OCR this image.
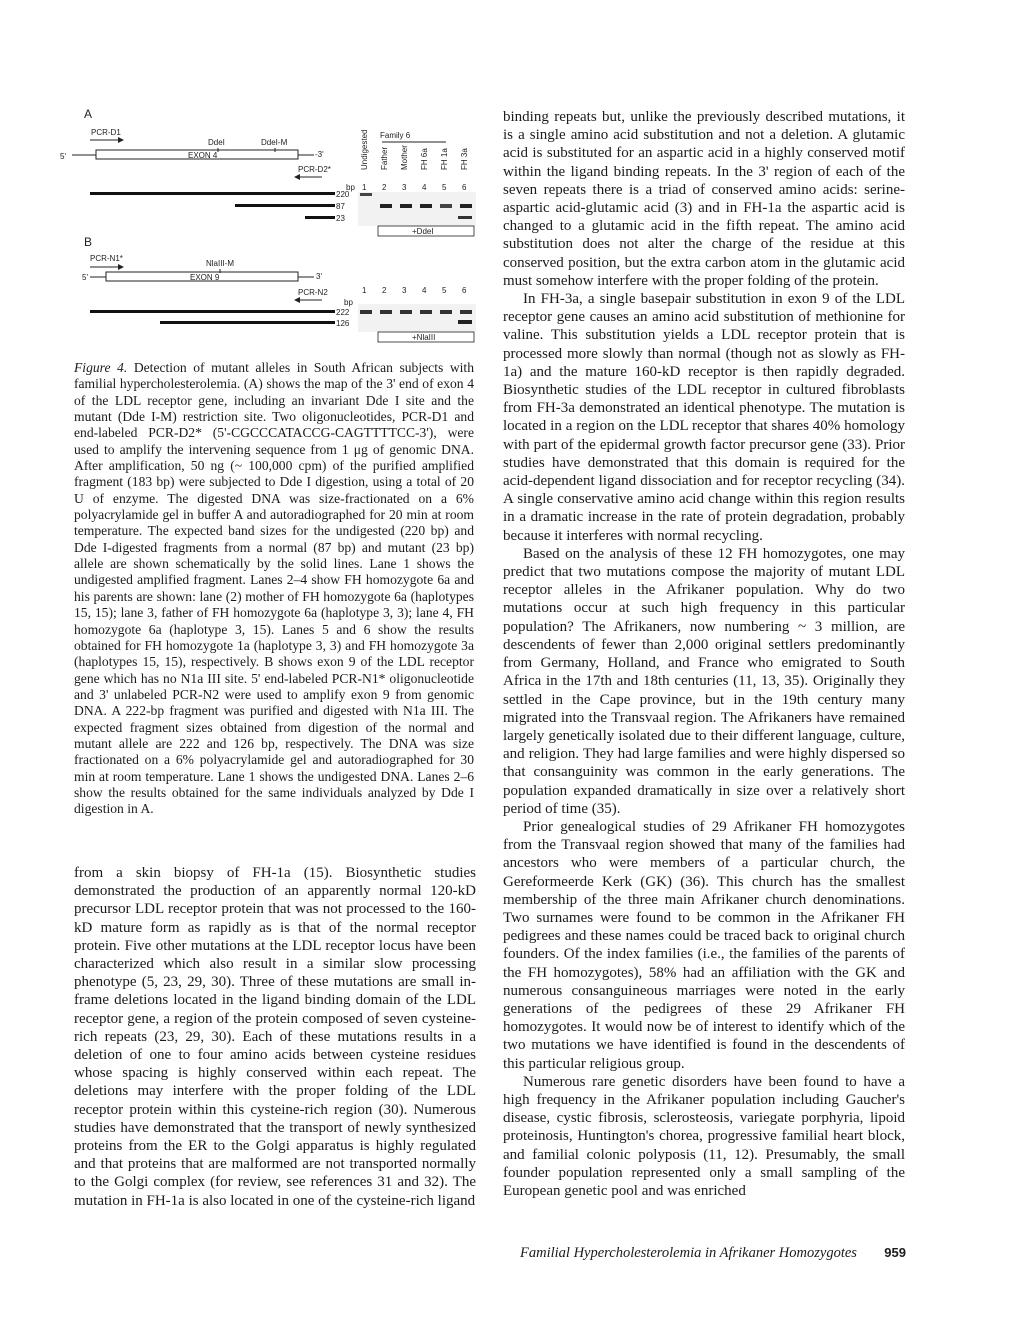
A
PCR-D1
DdeI	DdeI-M
5'	EXON 4	-3'
PCR-D2*	Undigested Family 6
Father Mother FH 6a FH 1a FH 3a
bp 1 2 3 4 5 6
220
87
23
+DdeI
B
PCR-N1*
NlaIII-M
5'	EXON 9	3'
PCR-N2	1 2 3 4 5 6
bp
222
126
+NlaIII
Figure 4. Detection of mutant alleles in South African subjects with familial hypercholesterolemia. (A) shows the map of the 3' end of exon 4 of the LDL receptor gene, including an invariant Dde I site and the mutant (Dde I-M) restriction site. Two oligonucleotides, PCR-D1 and end-labeled PCR-D2* (5'-CGCCCATACCG-CAGTTTTCC-3'), were used to amplify the intervening sequence from 1 μg of genomic DNA. After amplification, 50 ng (~ 100,000 cpm) of the purified amplified fragment (183 bp) were subjected to Dde I digestion, using a total of 20 U of enzyme. The digested DNA was size-fractionated on a 6% polyacrylamide gel in buffer A and autoradiographed for 20 min at room temperature. The expected band sizes for the undigested (220 bp) and Dde I-digested fragments from a normal (87 bp) and mutant (23 bp) allele are shown schematically by the solid lines. Lane 1 shows the undigested amplified fragment. Lanes 2–4 show FH homozygote 6a and his parents are shown: lane (2) mother of FH homozygote 6a (haplotypes 15, 15); lane 3, father of FH homozygote 6a (haplotype 3, 3); lane 4, FH homozygote 6a (haplotype 3, 15). Lanes 5 and 6 show the results obtained for FH homozygote 1a (haplotype 3, 3) and FH homozygote 3a (haplotypes 15, 15), respectively. B shows exon 9 of the LDL receptor gene which has no N1a III site. 5' end-labeled PCR-N1* oligonucleotide and 3' unlabeled PCR-N2 were used to amplify exon 9 from genomic DNA. A 222-bp fragment was purified and digested with N1a III. The expected fragment sizes obtained from digestion of the normal and mutant allele are 222 and 126 bp, respectively. The DNA was size fractionated on a 6% polyacrylamide gel and autoradiographed for 30 min at room temperature. Lane 1 shows the undigested DNA. Lanes 2–6 show the results obtained for the same individuals analyzed by Dde I digestion in A.

from a skin biopsy of FH-1a (15). Biosynthetic studies demonstrated the production of an apparently normal 120-kD precursor LDL receptor protein that was not processed to the 160-kD mature form as rapidly as is that of the normal receptor protein. Five other mutations at the LDL receptor locus have been characterized which also result in a similar slow processing phenotype (5, 23, 29, 30). Three of these mutations are small in-frame deletions located in the ligand binding domain of the LDL receptor gene, a region of the protein composed of seven cysteine-rich repeats (23, 29, 30). Each of these mutations results in a deletion of one to four amino acids between cysteine residues whose spacing is highly conserved within each repeat. The deletions may interfere with the proper folding of the LDL receptor protein within this cysteine-rich region (30). Numerous studies have demonstrated that the transport of newly synthesized proteins from the ER to the Golgi apparatus is highly regulated and that proteins that are malformed are not transported normally to the Golgi complex (for review, see references 31 and 32). The mutation in FH-1a is also located in one of the cysteine-rich ligand

binding repeats but, unlike the previously described mutations, it is a single amino acid substitution and not a deletion. A glutamic acid is substituted for an aspartic acid in a highly conserved motif within the ligand binding repeats. In the 3' region of each of the seven repeats there is a triad of conserved amino acids: serine-aspartic acid-glutamic acid (3) and in FH-1a the aspartic acid is changed to a glutamic acid in the fifth repeat. The amino acid substitution does not alter the charge of the residue at this conserved position, but the extra carbon atom in the glutamic acid must somehow interfere with the proper folding of the protein.

In FH-3a, a single basepair substitution in exon 9 of the LDL receptor gene causes an amino acid substitution of methionine for valine. This substitution yields a LDL receptor protein that is processed more slowly than normal (though not as slowly as FH-1a) and the mature 160-kD receptor is then rapidly degraded. Biosynthetic studies of the LDL receptor in cultured fibroblasts from FH-3a demonstrated an identical phenotype. The mutation is located in a region on the LDL receptor that shares 40% homology with part of the epidermal growth factor precursor gene (33). Prior studies have demonstrated that this domain is required for the acid-dependent ligand dissociation and for receptor recycling (34). A single conservative amino acid change within this region results in a dramatic increase in the rate of protein degradation, probably because it interferes with normal recycling.

Based on the analysis of these 12 FH homozygotes, one may predict that two mutations compose the majority of mutant LDL receptor alleles in the Afrikaner population. Why do two mutations occur at such high frequency in this particular population? The Afrikaners, now numbering ~ 3 million, are descendents of fewer than 2,000 original settlers predominantly from Germany, Holland, and France who emigrated to South Africa in the 17th and 18th centuries (11, 13, 35). Originally they settled in the Cape province, but in the 19th century many migrated into the Transvaal region. The Afrikaners have remained largely genetically isolated due to their different language, culture, and religion. They had large families and were highly dispersed so that consanguinity was common in the early generations. The population expanded dramatically in size over a relatively short period of time (35).

Prior genealogical studies of 29 Afrikaner FH homozygotes from the Transvaal region showed that many of the families had ancestors who were members of a particular church, the Gereformeerde Kerk (GK) (36). This church has the smallest membership of the three main Afrikaner church denominations. Two surnames were found to be common in the Afrikaner FH pedigrees and these names could be traced back to original church founders. Of the index families (i.e., the families of the parents of the FH homozygotes), 58% had an affiliation with the GK and numerous consanguineous marriages were noted in the early generations of the pedigrees of these 29 Afrikaner FH homozygotes. It would now be of interest to identify which of the two mutations we have identified is found in the descendents of this particular religious group.

Numerous rare genetic disorders have been found to have a high frequency in the Afrikaner population including Gaucher's disease, cystic fibrosis, sclerosteosis, variegate porphyria, lipoid proteinosis, Huntington's chorea, progressive familial heart block, and familial colonic polyposis (11, 12). Presumably, the small founder population represented only a small sampling of the European genetic pool and was enriched

Familial Hypercholesterolemia in Afrikaner Homozygotes 959
